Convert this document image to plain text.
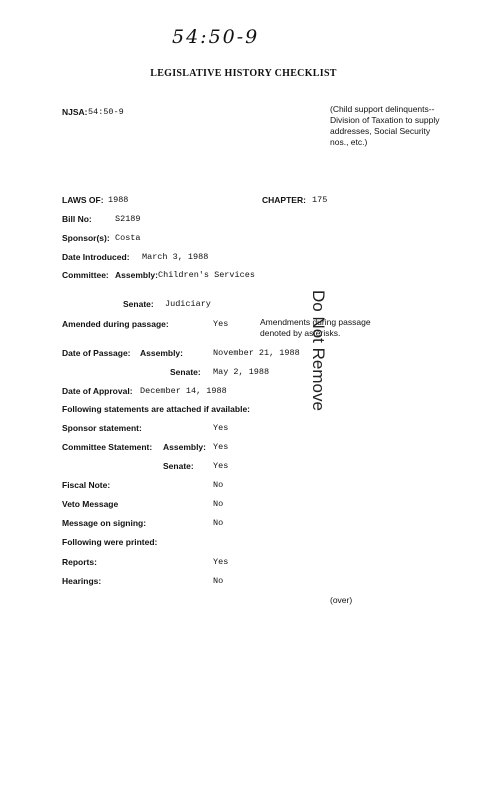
54:50-9
LEGISLATIVE HISTORY CHECKLIST
NJSA: 54:50-9	(Child support delinquents--Division of Taxation to supply addresses, Social Security nos., etc.)
LAWS OF: 1988	CHAPTER: 175
Bill No:	S2189
Sponsor(s): Costa
Date Introduced: March 3, 1988
Committee: Assembly: Children's Services
Senate: Judiciary
Amended during passage:	Yes	Amendments during passage denoted by asterisks.
Date of Passage: Assembly:	November 21, 1988
Senate: May 2, 1988
Date of Approval: December 14, 1988
Following statements are attached if available:
Sponsor statement:	Yes
Committee Statement: Assembly: Yes
Senate: Yes
Fiscal Note:	No
Veto Message	No
Message on signing:	No
Following were printed:
Reports:	Yes
Hearings:	No
(over)
Do Not Remove
